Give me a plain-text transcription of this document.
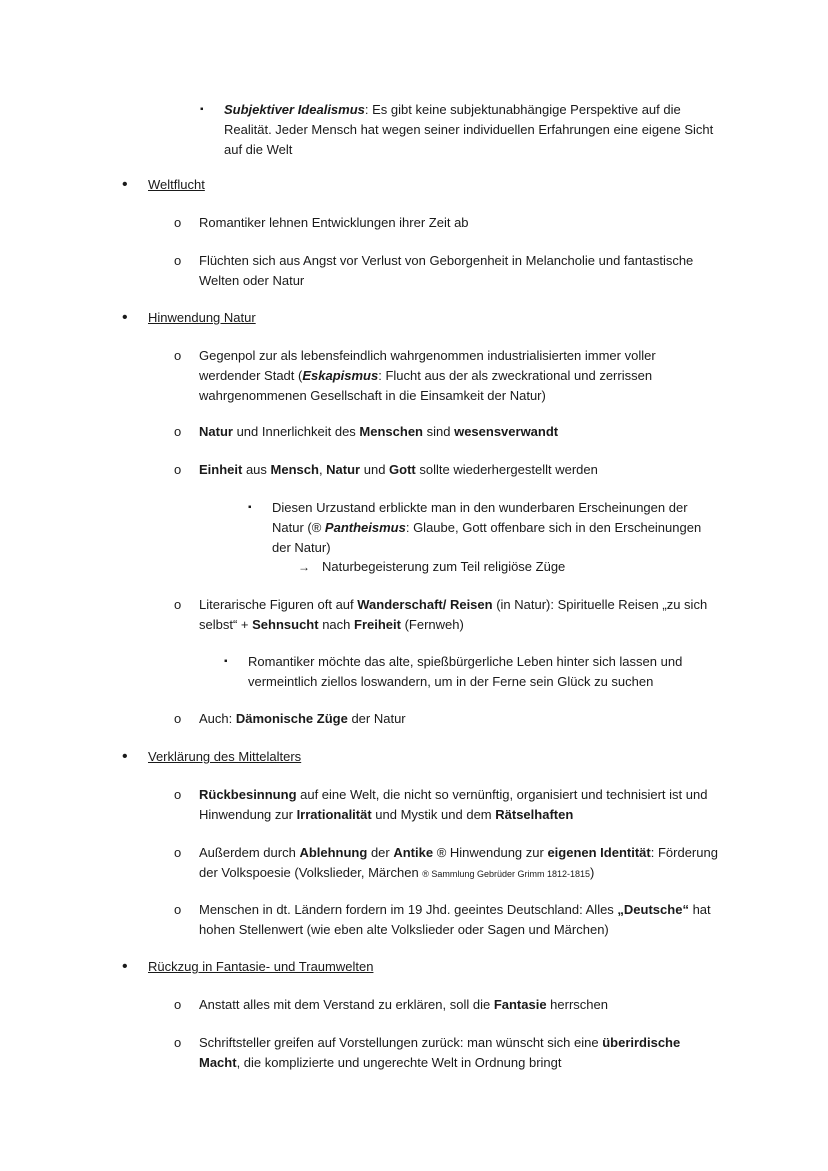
▪ Subjektiver Idealismus: Es gibt keine subjektunabhängige Perspektive auf die Realität. Jeder Mensch hat wegen seiner individuellen Erfahrungen eine eigene Sicht auf die Welt

• Weltflucht

o Romantiker lehnen Entwicklungen ihrer Zeit ab

o Flüchten sich aus Angst vor Verlust von Geborgenheit in Melancholie und fantastische Welten oder Natur

• Hinwendung Natur

o Gegenpol zur als lebensfeindlich wahrgenommen industrialisierten immer voller werdender Stadt (Eskapismus: Flucht aus der als zweckrational und zerrissen wahrgenommenen Gesellschaft in die Einsamkeit der Natur)

o Natur und Innerlichkeit des Menschen sind wesensverwandt

o Einheit aus Mensch, Natur und Gott sollte wiederhergestellt werden

▪ Diesen Urzustand erblickte man in den wunderbaren Erscheinungen der Natur (® Pantheismus: Glaube, Gott offenbare sich in den Erscheinungen der Natur)

→ Naturbegeisterung zum Teil religiöse Züge

o Literarische Figuren oft auf Wanderschaft/ Reisen (in Natur): Spirituelle Reisen „zu sich selbst“ + Sehnsucht nach Freiheit (Fernweh)

▪ Romantiker möchte das alte, spießbürgerliche Leben hinter sich lassen und vermeintlich ziellos loswandern, um in der Ferne sein Glück zu suchen

o Auch: Dämonische Züge der Natur

• Verklärung des Mittelalters

o Rückbesinnung auf eine Welt, die nicht so vernünftig, organisiert und technisiert ist und Hinwendung zur Irrationalität und Mystik und dem Rätselhaften

o Außerdem durch Ablehnung der Antike ® Hinwendung zur eigenen Identität: Förderung der Volkspoesie (Volkslieder, Märchen ® Sammlung Gebrüder Grimm 1812-1815)

o Menschen in dt. Ländern fordern im 19 Jhd. geeintes Deutschland: Alles „Deutsche“ hat hohen Stellenwert (wie eben alte Volkslieder oder Sagen und Märchen)

• Rückzug in Fantasie- und Traumwelten

o Anstatt alles mit dem Verstand zu erklären, soll die Fantasie herrschen

o Schriftsteller greifen auf Vorstellungen zurück: man wünscht sich eine überirdische Macht, die komplizierte und ungerechte Welt in Ordnung bringt
